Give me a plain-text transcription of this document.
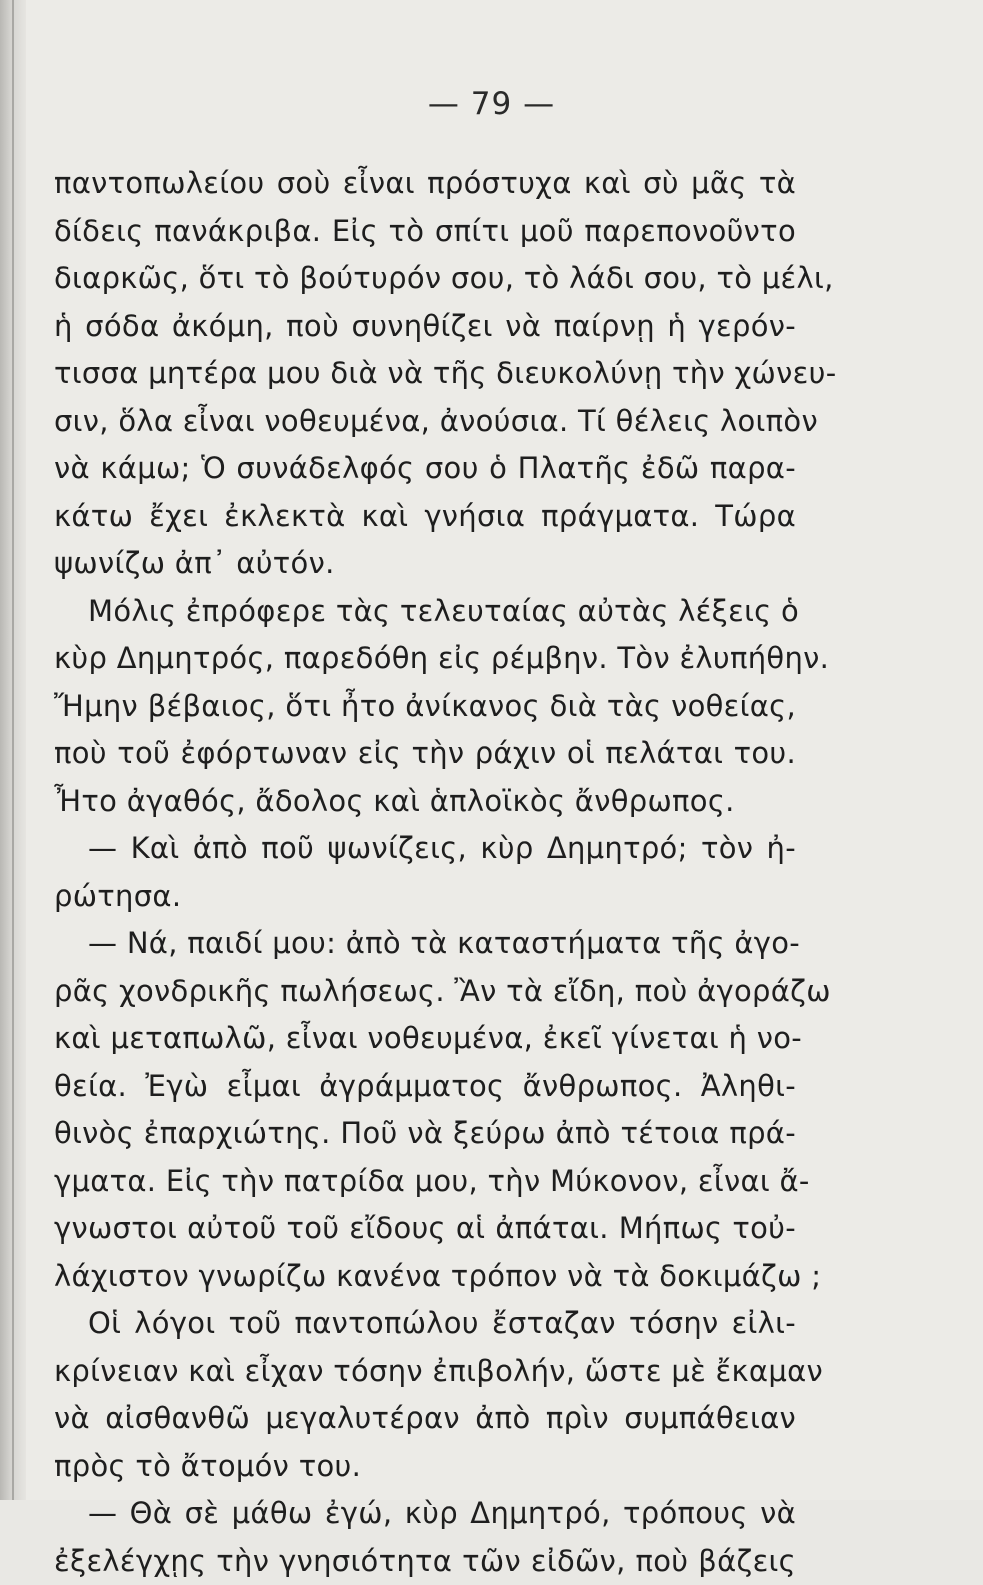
— 79 —
παντοπωλείου σοὺ εἶναι πρόστυχα καὶ σὺ μᾶς τὰ
δίδεις πανάκριβα. Εἰς τὸ σπίτι μοῦ παρεπονοῦντο
διαρκῶς, ὅτι τὸ βούτυρόν σου, τὸ λάδι σου, τὸ μέλι,
ἡ σόδα ἀκόμη, ποὺ συνηθίζει νὰ παίρνῃ ἡ γερόν-
τισσα μητέρα μου διὰ νὰ τῆς διευκολύνῃ τὴν χώνευ-
σιν, ὅλα εἶναι νοθευμένα, ἀνούσια. Τί θέλεις λοιπὸν
νὰ κάμω; Ὁ συνάδελφός σου ὁ Πλατῆς ἐδῶ παρα-
κάτω ἔχει ἐκλεκτὰ καὶ γνήσια πράγματα. Τώρα
ψωνίζω ἀπ᾽ αὐτόν.
Μόλις ἐπρόφερε τὰς τελευταίας αὐτὰς λέξεις ὁ
κὺρ Δημητρός, παρεδόθη εἰς ρέμβην. Τὸν ἐλυπήθην.
Ἤμην βέβαιος, ὅτι ἦτο ἀνίκανος διὰ τὰς νοθείας,
ποὺ τοῦ ἐφόρτωναν εἰς τὴν ράχιν οἱ πελάται του.
Ἦτο ἀγαθός, ἄδολος καὶ ἁπλοϊκὸς ἄνθρωπος.
— Καὶ ἀπὸ ποῦ ψωνίζεις, κὺρ Δημητρό; τὸν ἠ-
ρώτησα.
— Νά, παιδί μου: ἀπὸ τὰ καταστήματα τῆς ἀγο-
ρᾶς χονδρικῆς πωλήσεως. Ἂν τὰ εἴδη, ποὺ ἀγοράζω
καὶ μεταπωλῶ, εἶναι νοθευμένα, ἐκεῖ γίνεται ἡ νο-
θεία. Ἐγὼ εἶμαι ἀγράμματος ἄνθρωπος. Ἀληθι-
θινὸς ἐπαρχιώτης. Ποῦ νὰ ξεύρω ἀπὸ τέτοια πρά-
γματα. Εἰς τὴν πατρίδα μου, τὴν Μύκονον, εἶναι ἄ-
γνωστοι αὐτοῦ τοῦ εἴδους αἱ ἀπάται. Μήπως τοὐ-
λάχιστον γνωρίζω κανένα τρόπον νὰ τὰ δοκιμάζω ;
Οἱ λόγοι τοῦ παντοπώλου ἔσταζαν τόσην εἰλι-
κρίνειαν καὶ εἶχαν τόσην ἐπιβολήν, ὥστε μὲ ἔκαμαν
νὰ αἰσθανθῶ μεγαλυτέραν ἀπὸ πρὶν συμπάθειαν
πρὸς τὸ ἄτομόν του.
— Θὰ σὲ μάθω ἐγώ, κὺρ Δημητρό, τρόπους νὰ
ἐξελέγχῃς τὴν γνησιότητα τῶν εἰδῶν, ποὺ βάζεις
